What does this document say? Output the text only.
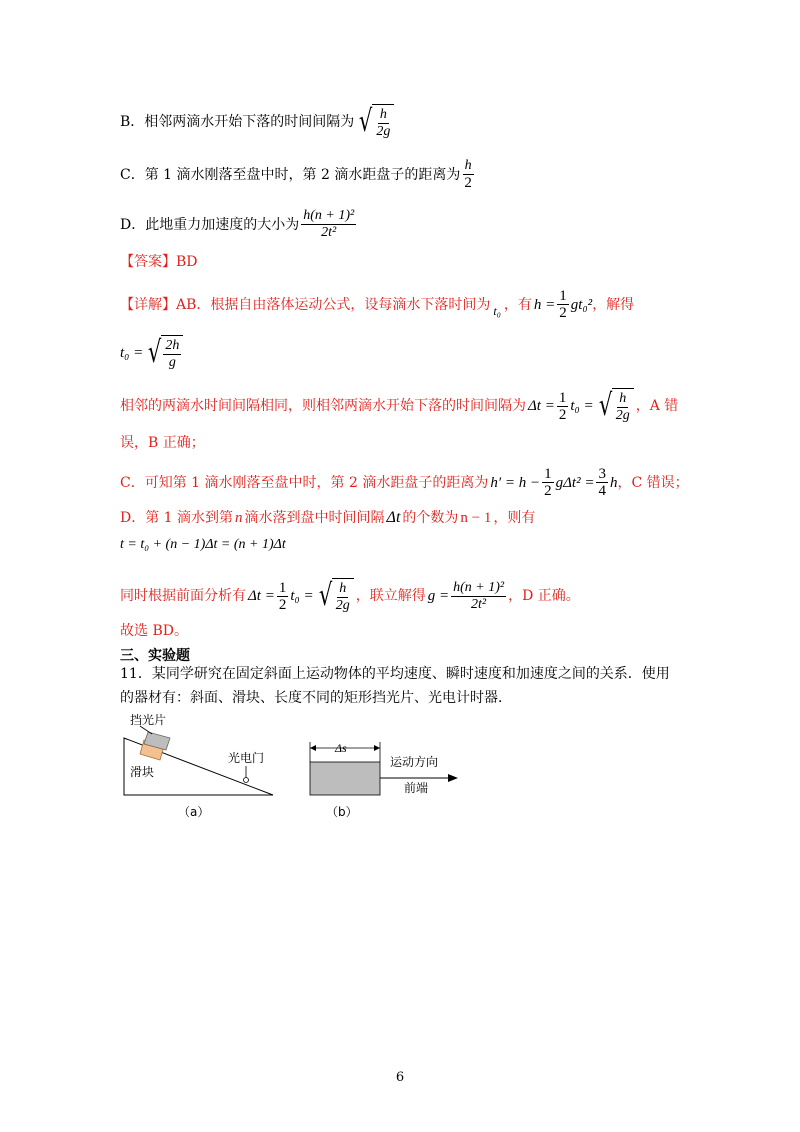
B．相邻两滴水开始下落的时间间隔为 √ $\frac{h}{2g}$
C．第 1 滴水刚落至盘中时，第 2 滴水距盘子的距离为 $\frac{h}{2}$
D．此地重力加速度的大小为 $\frac{\text{h(n + 1)²}}{\text{2t²}}$
【答案】BD
【详解】AB．根据自由落体运动公式，设每滴水下落时间为 t₀ ，有 $h = \frac{1}{2} gt_0^2$ ，解得
t₀ = √ $\frac{2h}{g}$
相邻的两滴水时间间隔相同，则相邻两滴水开始下落的时间间隔为 $\Delta t = \frac{1}{2} t_0$ = √ $\frac{h}{2g}$ ，A 错
误，B 正确；
C．可知第 1 滴水刚落至盘中时，第 2 滴水距盘子的距离为 $h' = h - \frac{1}{2} g\Delta t^2 = \frac{3}{4}$ h ，C 错误；
D．第 1 滴水到第 n 滴水落到盘中时间间隔 Δt 的个数为 n − 1 ，则有
t = t₀ + (n − 1)Δt = (n + 1)Δt
同时根据前面分析有 $\Delta t = \frac{1}{2} t_0$ = √ $\frac{h}{2g}$ ，联立解得 $g = \frac{\text{h(n + 1)²}}{\text{2t²}}$ ，D 正确。
故选 BD。
三、实验题
11．某同学研究在固定斜面上运动物体的平均速度、瞬时速度和加速度之间的关系．使用
的器材有：斜面、滑块、长度不同的矩形挡光片、光电计时器．
挡光片
滑块
光电门
（a）
Δs
运动方向
前端
（b）
6
